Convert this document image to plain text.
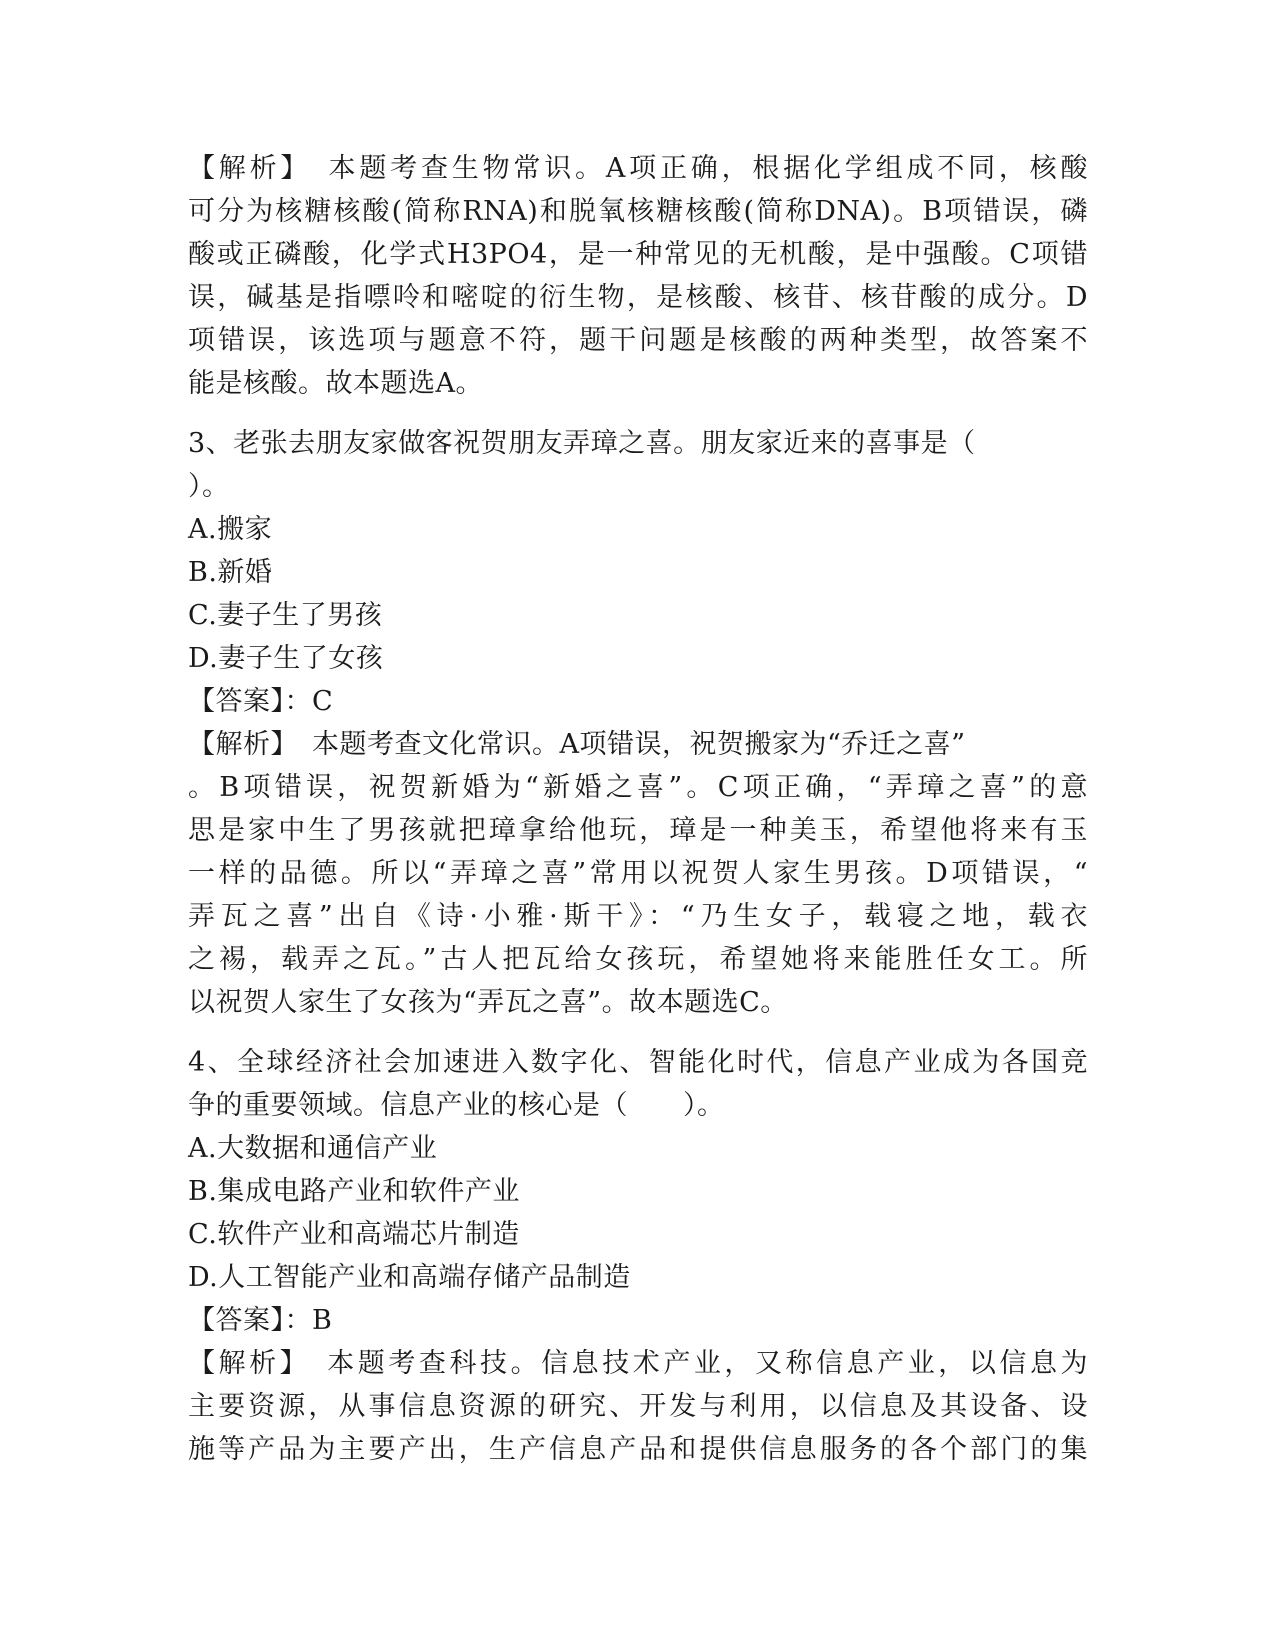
【解析】　本题考查生物常识。A项正确，根据化学组成不同，核酸
可分为核糖核酸(简称RNA)和脱氧核糖核酸(简称DNA)。B项错误，磷
酸或正磷酸，化学式H3PO4，是一种常见的无机酸，是中强酸。C项错
误，碱基是指嘌呤和嘧啶的衍生物，是核酸、核苷、核苷酸的成分。D
项错误，该选项与题意不符，题干问题是核酸的两种类型，故答案不
能是核酸。故本题选A。
3、老张去朋友家做客祝贺朋友弄璋之喜。朋友家近来的喜事是（
）。
A.搬家
B.新婚
C.妻子生了男孩
D.妻子生了女孩
【答案】：C
【解析】　本题考查文化常识。A项错误，祝贺搬家为“乔迁之喜”
。B项错误，祝贺新婚为“新婚之喜”。C项正确，“弄璋之喜”的意
思是家中生了男孩就把璋拿给他玩，璋是一种美玉，希望他将来有玉
一样的品德。所以“弄璋之喜”常用以祝贺人家生男孩。D项错误，“
弄瓦之喜”出自《诗·小雅·斯干》：“乃生女子，载寝之地，载衣
之裼，载弄之瓦。”古人把瓦给女孩玩，希望她将来能胜任女工。所
以祝贺人家生了女孩为“弄瓦之喜”。故本题选C。
4、全球经济社会加速进入数字化、智能化时代，信息产业成为各国竞
争的重要领域。信息产业的核心是（　　）。
A.大数据和通信产业
B.集成电路产业和软件产业
C.软件产业和高端芯片制造
D.人工智能产业和高端存储产品制造
【答案】：B
【解析】　本题考查科技。信息技术产业，又称信息产业，以信息为
主要资源，从事信息资源的研究、开发与利用，以信息及其设备、设
施等产品为主要产出，生产信息产品和提供信息服务的各个部门的集
